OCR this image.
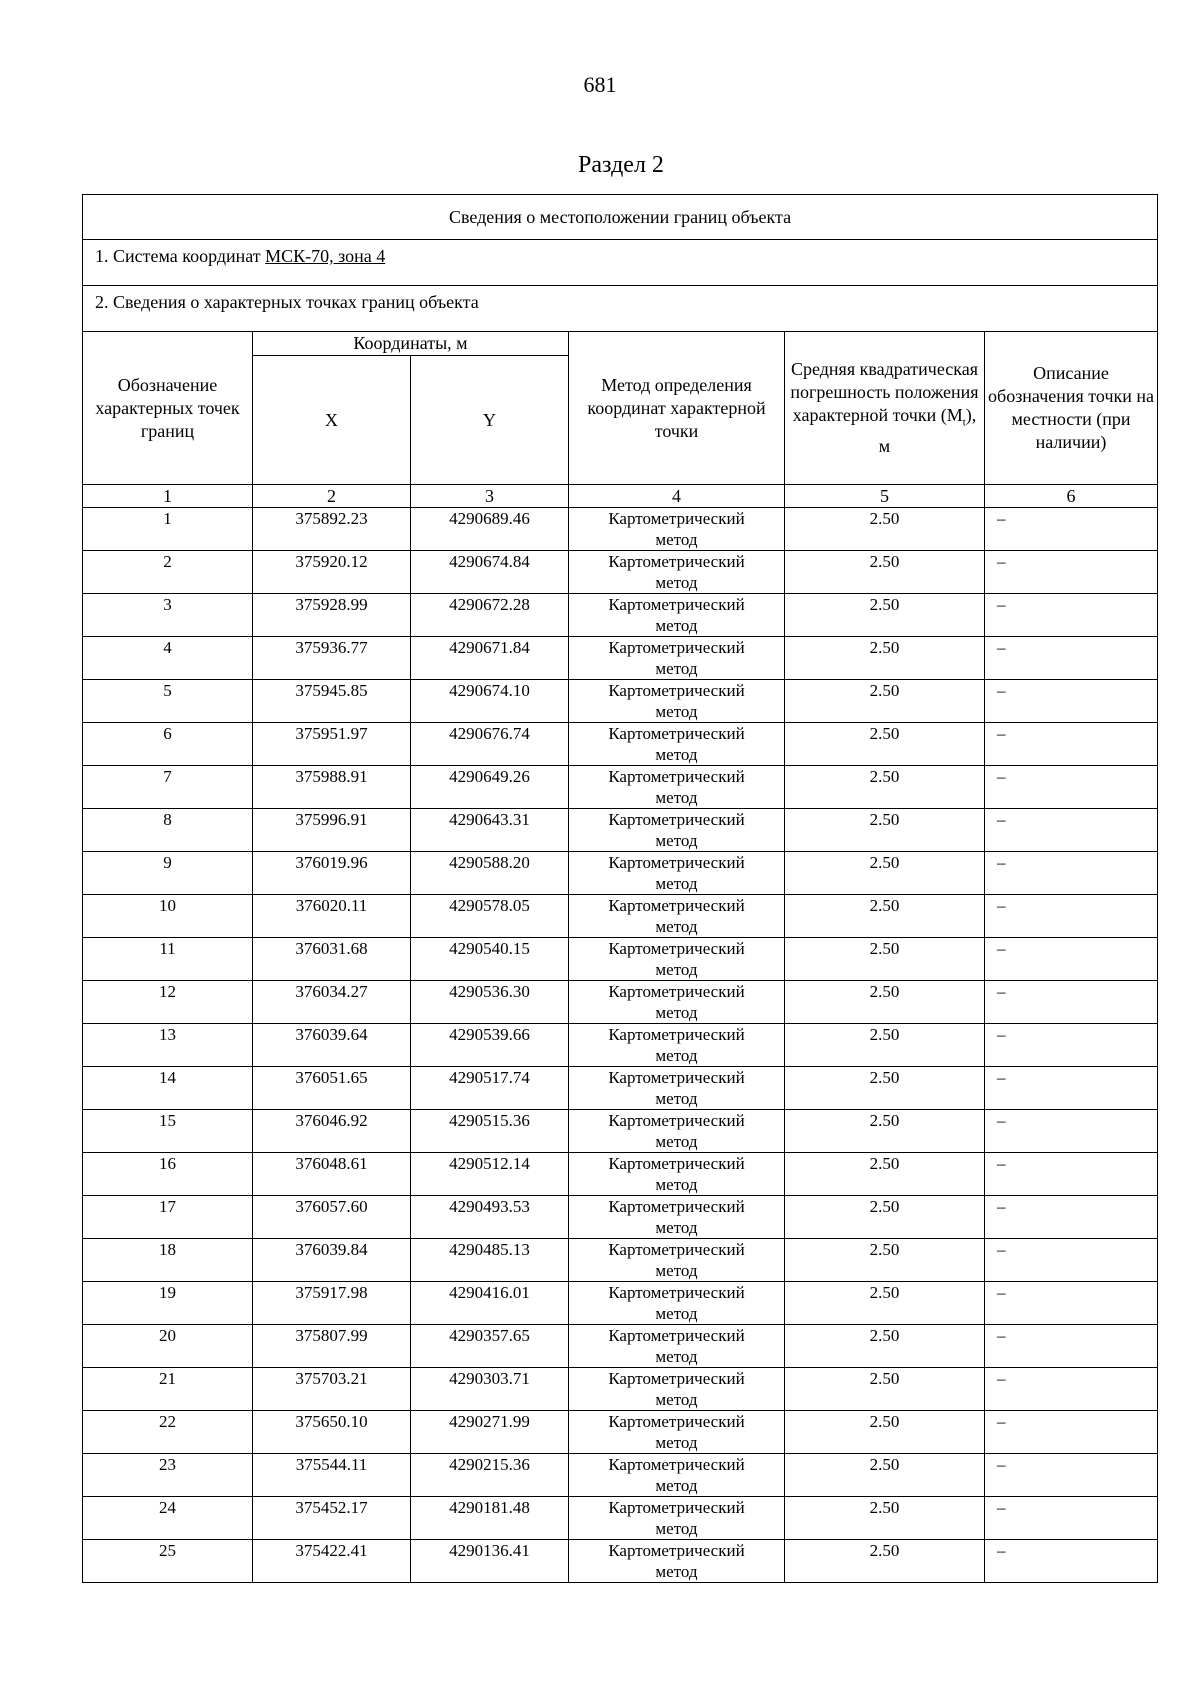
681
Раздел 2
Сведения о местоположении границ объекта					
1. Система координат МСК-70, зона 4					
2. Сведения о характерных точках границ объекта					
Обозначение характерных точек границ	Координаты, м		Метод определения координат характерной точки	Средняя квадратическая погрешность положения характерной точки $(M_t)$, м	Описание обозначения точки на местности (при наличии)
	X	Y			
1	2	3	4	5	6
1	375892.23	4290689.46	Картометрический метод	2.50	–
2	375920.12	4290674.84	Картометрический метод	2.50	–
3	375928.99	4290672.28	Картометрический метод	2.50	–
4	375936.77	4290671.84	Картометрический метод	2.50	–
5	375945.85	4290674.10	Картометрический метод	2.50	–
6	375951.97	4290676.74	Картометрический метод	2.50	–
7	375988.91	4290649.26	Картометрический метод	2.50	–
8	375996.91	4290643.31	Картометрический метод	2.50	–
9	376019.96	4290588.20	Картометрический метод	2.50	–
10	376020.11	4290578.05	Картометрический метод	2.50	–
11	376031.68	4290540.15	Картометрический метод	2.50	–
12	376034.27	4290536.30	Картометрический метод	2.50	–
13	376039.64	4290539.66	Картометрический метод	2.50	–
14	376051.65	4290517.74	Картометрический метод	2.50	–
15	376046.92	4290515.36	Картометрический метод	2.50	–
16	376048.61	4290512.14	Картометрический метод	2.50	–
17	376057.60	4290493.53	Картометрический метод	2.50	–
18	376039.84	4290485.13	Картометрический метод	2.50	–
19	375917.98	4290416.01	Картометрический метод	2.50	–
20	375807.99	4290357.65	Картометрический метод	2.50	–
21	375703.21	4290303.71	Картометрический метод	2.50	–
22	375650.10	4290271.99	Картометрический метод	2.50	–
23	375544.11	4290215.36	Картометрический метод	2.50	–
24	375452.17	4290181.48	Картометрический метод	2.50	–
25	375422.41	4290136.41	Картометрический метод	2.50	–
